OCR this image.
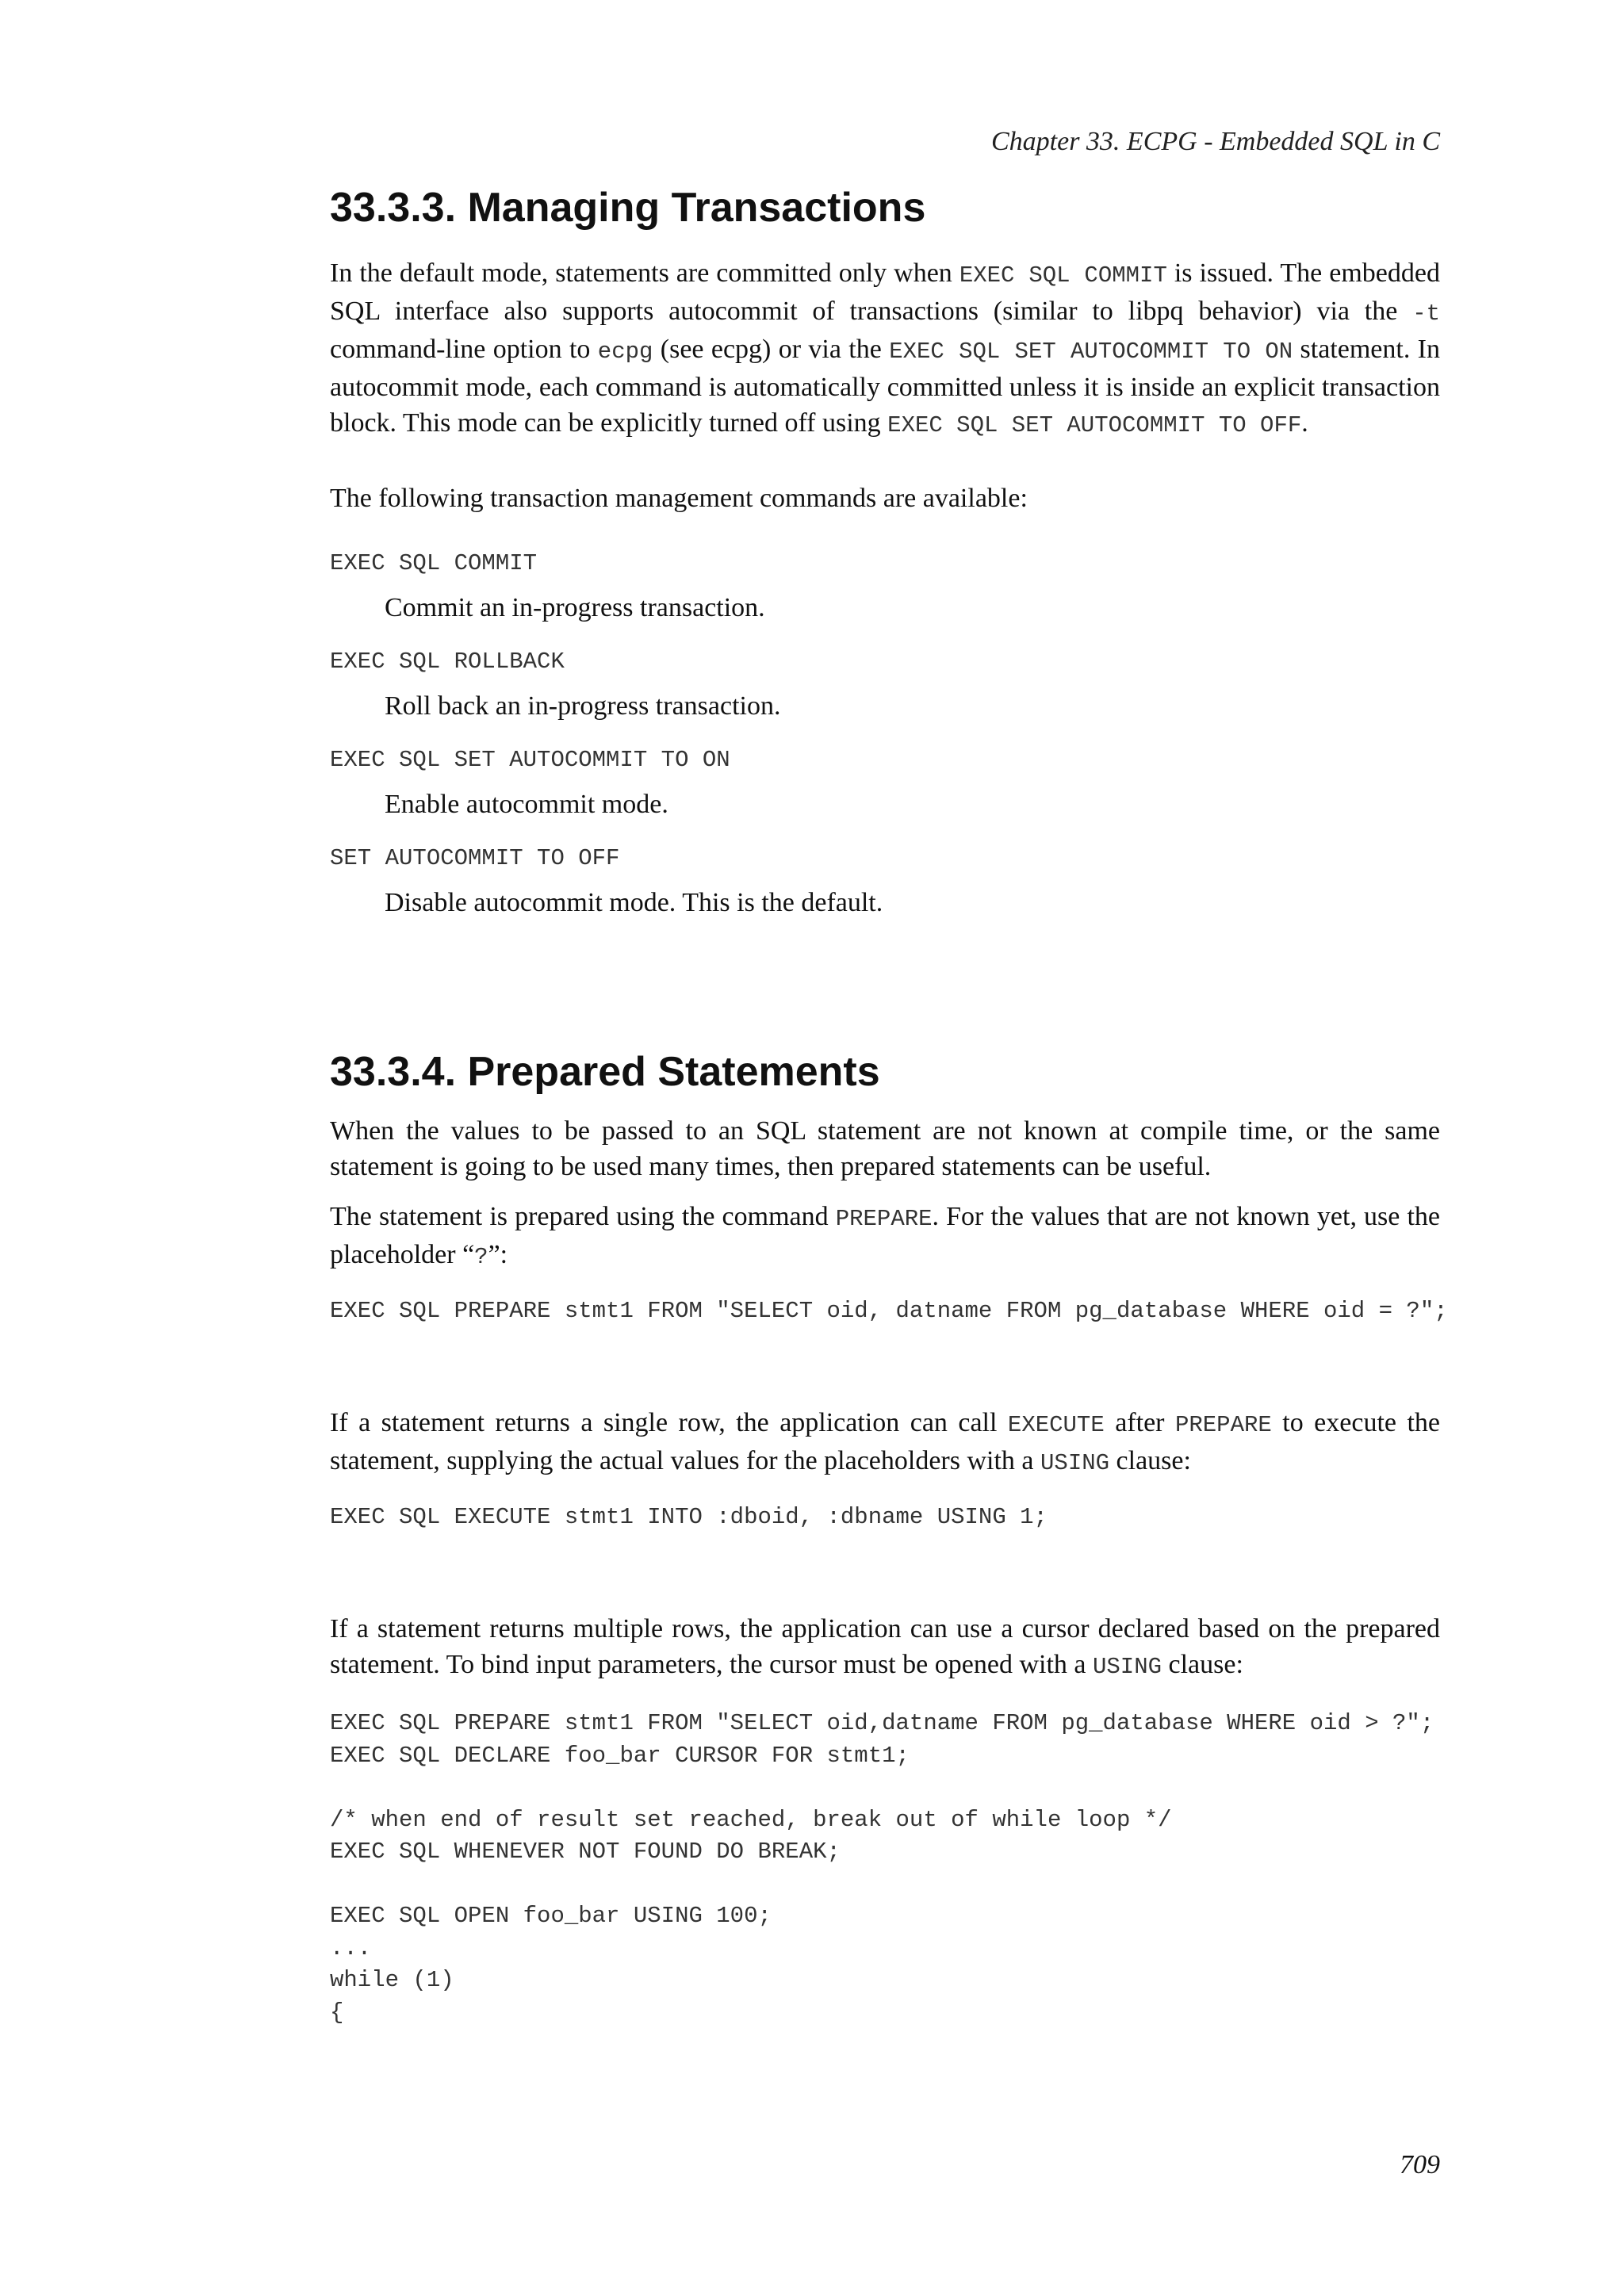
Chapter 33. ECPG - Embedded SQL in C
33.3.3. Managing Transactions

In the default mode, statements are committed only when EXEC SQL COMMIT is issued. The embedded SQL interface also supports autocommit of transactions (similar to libpq behavior) via the -t command-line option to ecpg (see ecpg) or via the EXEC SQL SET AUTOCOMMIT TO ON statement. In autocommit mode, each command is automatically committed unless it is inside an explicit transaction block. This mode can be explicitly turned off using EXEC SQL SET AUTOCOMMIT TO OFF.

The following transaction management commands are available:

EXEC SQL COMMIT
Commit an in-progress transaction.
EXEC SQL ROLLBACK
Roll back an in-progress transaction.
EXEC SQL SET AUTOCOMMIT TO ON
Enable autocommit mode.
SET AUTOCOMMIT TO OFF
Disable autocommit mode. This is the default.
33.3.4. Prepared Statements

When the values to be passed to an SQL statement are not known at compile time, or the same statement is going to be used many times, then prepared statements can be useful.

The statement is prepared using the command PREPARE. For the values that are not known yet, use the placeholder “?”:

EXEC SQL PREPARE stmt1 FROM "SELECT oid, datname FROM pg_database WHERE oid = ?";

If a statement returns a single row, the application can call EXECUTE after PREPARE to execute the statement, supplying the actual values for the placeholders with a USING clause:

EXEC SQL EXECUTE stmt1 INTO :dboid, :dbname USING 1;

If a statement returns multiple rows, the application can use a cursor declared based on the prepared statement. To bind input parameters, the cursor must be opened with a USING clause:

EXEC SQL PREPARE stmt1 FROM "SELECT oid,datname FROM pg_database WHERE oid > ?";
EXEC SQL DECLARE foo_bar CURSOR FOR stmt1;

/* when end of result set reached, break out of while loop */
EXEC SQL WHENEVER NOT FOUND DO BREAK;

EXEC SQL OPEN foo_bar USING 100;
...
while (1)
{
709
